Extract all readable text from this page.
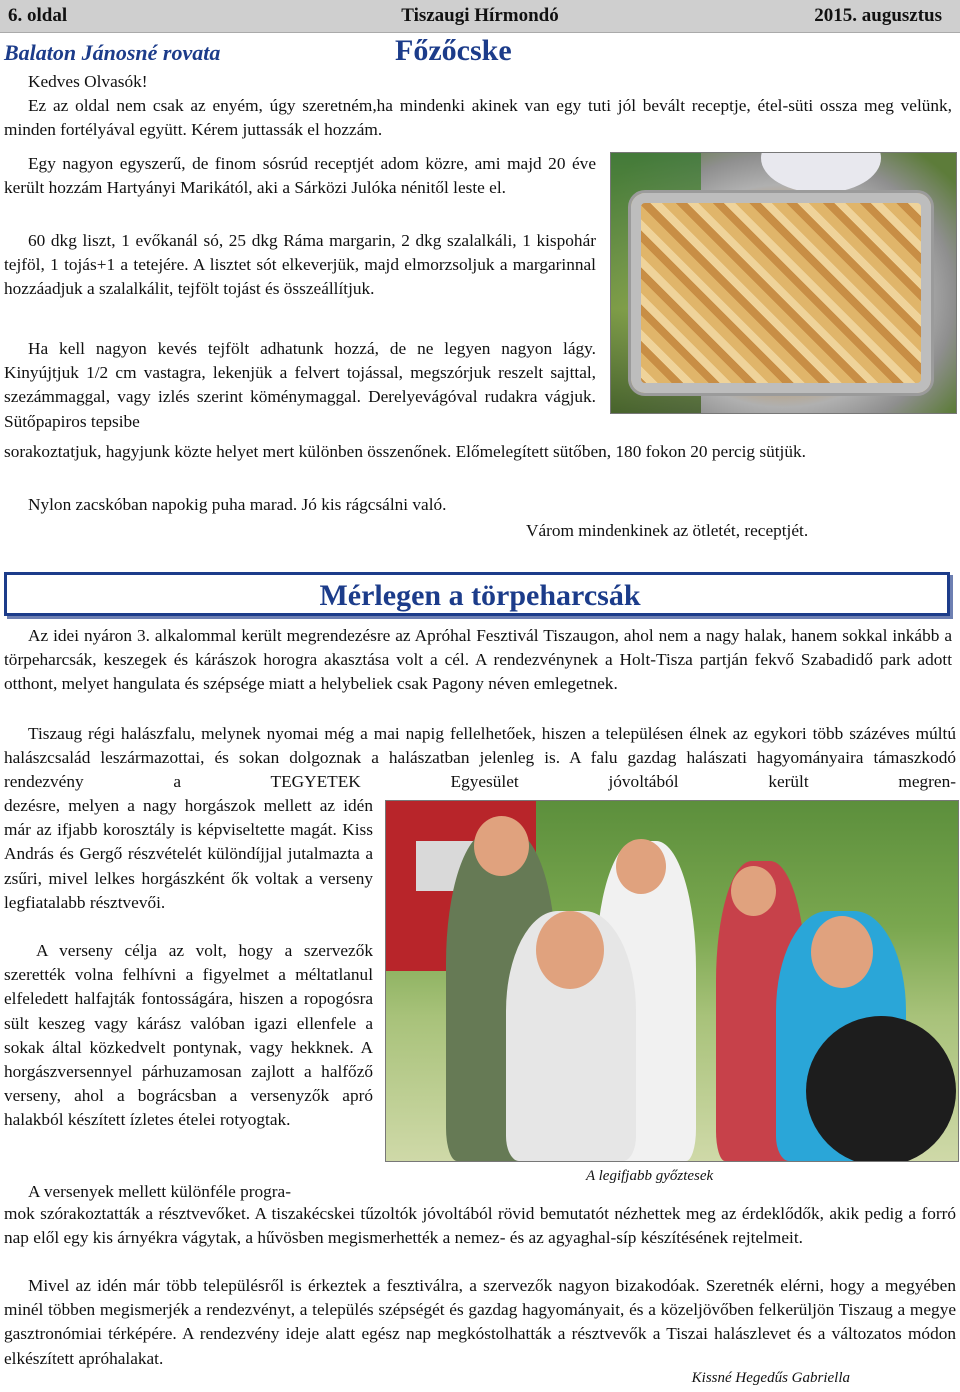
Tiszaugi Hírmondó
6. oldal	2015. augusztus
Balaton Jánosné rovata	Főzőcske

Kedves Olvasók!

Ez az oldal nem csak az enyém, úgy szeretném,ha mindenki akinek van egy tuti jól bevált receptje, étel-süti ossza meg velünk, minden fortélyával együtt. Kérem juttassák el hozzám.

Egy nagyon egyszerű, de finom sósrúd receptjét adom közre, ami majd 20 éve került hozzám Hartyányi Marikától, aki a Sárközi Julóka nénitől leste el.

60 dkg liszt, 1 evőkanál só, 25 dkg Ráma margarin, 2 dkg szalalkáli, 1 kispohár tejföl, 1 tojás+1 a tetejére. A lisztet sót elkeverjük, majd elmorzsoljuk a margarinnal hozzáadjuk a szalalkálit, tejfölt tojást és összeállítjuk.

Ha kell nagyon kevés tejfölt adhatunk hozzá, de ne legyen nagyon lágy. Kinyújtjuk 1/2 cm vastagra, lekenjük a felvert tojással, megszórjuk reszelt sajttal, szezámmaggal, vagy izlés szerint köménymaggal. Derelyevágóval rudakra vágjuk. Sütőpapiros tepsibe

sorakoztatjuk, hagyjunk közte helyet mert különben összenőnek. Előmelegített sütőben, 180 fokon 20 percig sütjük.

Nylon zacskóban napokig puha marad. Jó kis rágcsálni való.

Várom mindenkinek az ötletét, receptjét.

Mérlegen a törpeharcsák

Az idei nyáron 3. alkalommal került megrendezésre az Apróhal Fesztivál Tiszaugon, ahol nem a nagy halak, hanem sokkal inkább a törpeharcsák, keszegek és kárászok horogra akasztása volt a cél. A rendezvénynek a Holt-Tisza partján fekvő Szabadidő park adott otthont, melyet hangulata és szépsége miatt a helybeliek csak Pagony néven emlegetnek.

Tiszaug régi halászfalu, melynek nyomai még a mai napig fellelhetőek, hiszen a településen élnek az egykori több százéves múltú halászcsalád leszármazottai, és sokan dolgoznak a halászatban jelenleg is. A falu gazdag halászati hagyományaira támaszkodó rendezvény a TEGYETEK Egyesület jóvoltából került megren-

dezésre, melyen a nagy horgászok mellett az idén már az ifjabb korosztály is képviseltette magát. Kiss András és Gergő részvételét különdíjjal jutalmazta a zsűri, mivel lelkes horgászként ők voltak a verseny legfiatalabb résztvevői.

A verseny célja az volt, hogy a szervezők szerették volna felhívni a figyelmet a méltatlanul elfeledett halfajták fontosságára, hiszen a ropogósra sült keszeg vagy kárász valóban igazi ellenfele a sokak által közkedvelt pontynak, vagy hekknek. A horgászversennyel párhuzamosan zajlott a halfőző verseny, ahol a bográcsban a versenyzők apró halakból készített ízletes ételei rotyogtak.

A versenyek mellett különféle progra-

A legifjabb győztesek

mok szórakoztatták a résztvevőket. A tiszakécskei tűzoltók jóvoltából rövid bemutatót nézhettek meg az érdeklődők, akik pedig a forró nap elől egy kis árnyékra vágytak, a hűvösben megismerhették a nemez- és az agyaghal-síp készítésének rejtelmeit.

Mivel az idén már több településről is érkeztek a fesztiválra, a szervezők nagyon bizakodóak. Szeretnék elérni, hogy a megyében minél többen megismerjék a rendezvényt, a település szépségét és gazdag hagyományait, és a közeljövőben felkerüljön Tiszaug a megye gasztronómiai térképére. A rendezvény ideje alatt egész nap megkóstolhatták a résztvevők a Tiszai halászlevet és a változatos módon elkészített apróhalakat.

Kissné Hegedűs Gabriella
